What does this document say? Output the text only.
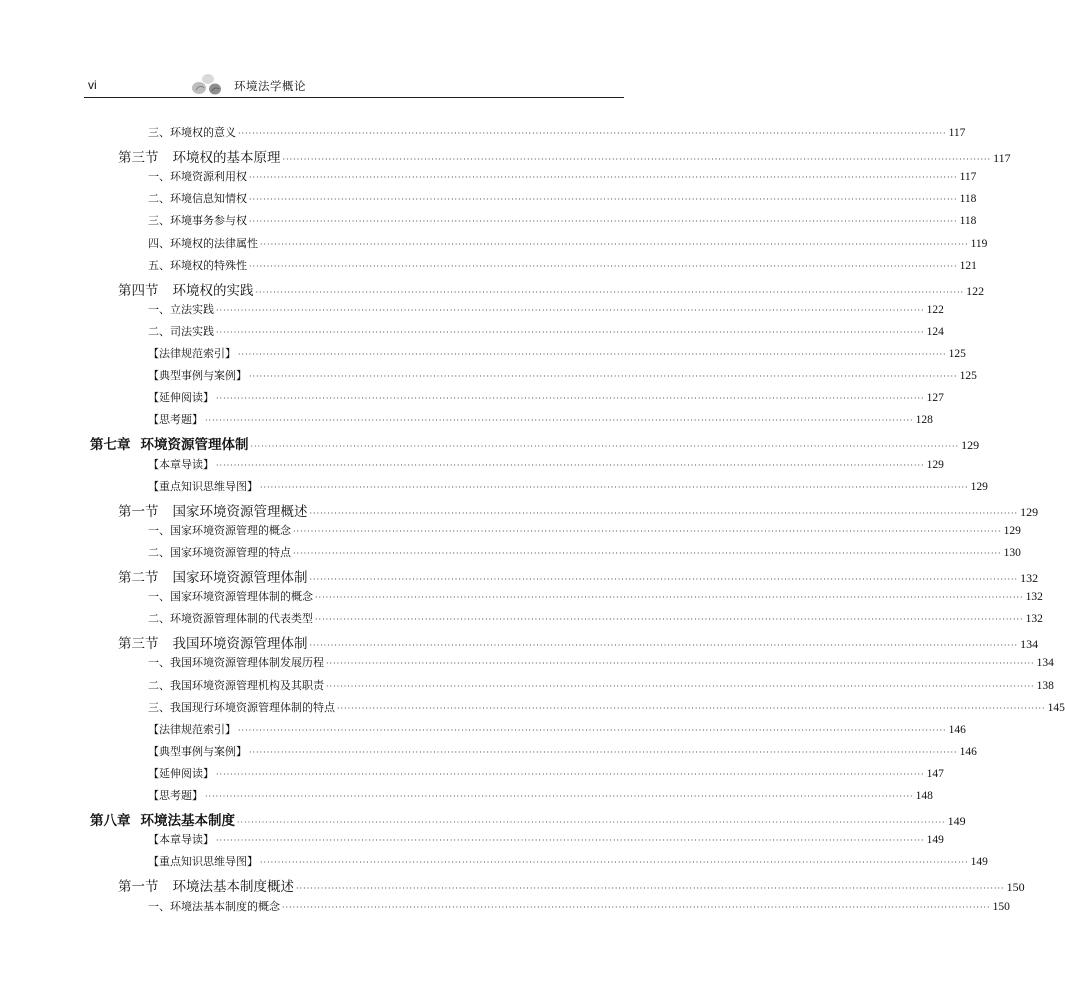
vi	环境法学概论
三、环境权的意义 ········································································································································································································ 117
第三节 环境权的基本原理 ········································································································································································································ 117
一、环境资源利用权 ········································································································································································································ 117
二、环境信息知情权 ········································································································································································································ 118
三、环境事务参与权 ········································································································································································································ 118
四、环境权的法律属性 ········································································································································································································ 119
五、环境权的特殊性 ········································································································································································································ 121
第四节 环境权的实践 ········································································································································································································ 122
一、立法实践 ········································································································································································································ 122
二、司法实践 ········································································································································································································ 124
【法律规范索引】 ········································································································································································································ 125
【典型事例与案例】 ········································································································································································································ 125
【延伸阅读】 ········································································································································································································ 127
【思考题】 ········································································································································································································ 128
第七章 环境资源管理体制 ········································································································································································································ 129
【本章导读】 ········································································································································································································ 129
【重点知识思维导图】 ········································································································································································································ 129
第一节 国家环境资源管理概述 ········································································································································································································ 129
一、国家环境资源管理的概念 ········································································································································································································ 129
二、国家环境资源管理的特点 ········································································································································································································ 130
第二节 国家环境资源管理体制 ········································································································································································································ 132
一、国家环境资源管理体制的概念 ········································································································································································································ 132
二、环境资源管理体制的代表类型 ········································································································································································································ 132
第三节 我国环境资源管理体制 ········································································································································································································ 134
一、我国环境资源管理体制发展历程 ········································································································································································································ 134
二、我国环境资源管理机构及其职责 ········································································································································································································ 138
三、我国现行环境资源管理体制的特点 ········································································································································································································ 145
【法律规范索引】 ········································································································································································································ 146
【典型事例与案例】 ········································································································································································································ 146
【延伸阅读】 ········································································································································································································ 147
【思考题】 ········································································································································································································ 148
第八章 环境法基本制度 ········································································································································································································ 149
【本章导读】 ········································································································································································································ 149
【重点知识思维导图】 ········································································································································································································ 149
第一节 环境法基本制度概述 ········································································································································································································ 150
一、环境法基本制度的概念 ········································································································································································································ 150
